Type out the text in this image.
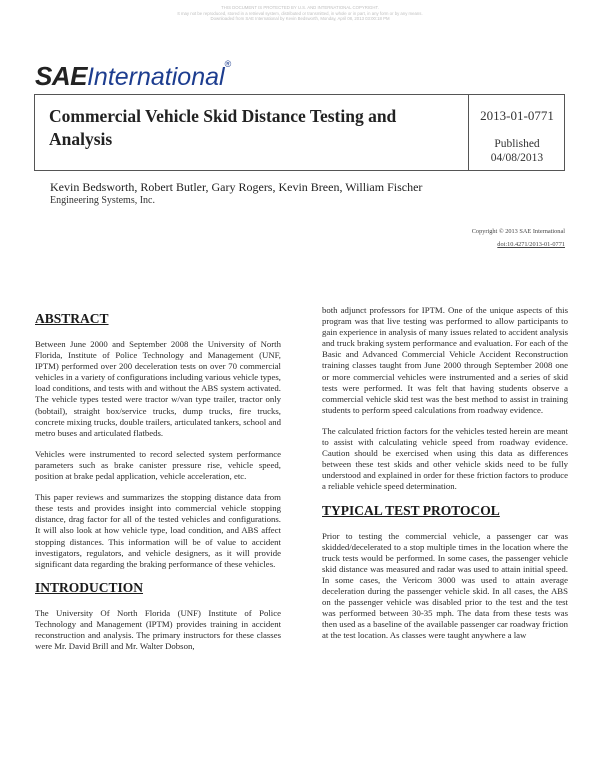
THIS DOCUMENT IS PROTECTED BY U.S. AND INTERNATIONAL COPYRIGHT.
It may not be reproduced, stored in a retrieval system, distributed or transmitted, in whole or in part, in any form or by any means.
Downloaded from SAE International by Kevin Bedsworth, Monday, April 08, 2013 03:00:18 PM
SAEInternational®
Commercial Vehicle Skid Distance Testing and Analysis
2013-01-0771
Published
04/08/2013
Kevin Bedsworth, Robert Butler, Gary Rogers, Kevin Breen, William Fischer
Engineering Systems, Inc.
Copyright © 2013 SAE International
doi:10.4271/2013-01-0771
ABSTRACT

Between June 2000 and September 2008 the University of North Florida, Institute of Police Technology and Management (UNF, IPTM) performed over 200 deceleration tests on over 70 commercial vehicles in a variety of configurations including various vehicle types, load conditions, and tests with and without the ABS system activated. The vehicle types tested were tractor w/van type trailer, tractor only (bobtail), straight box/service trucks, dump trucks, fire trucks, concrete mixing trucks, double trailers, articulated tankers, school and metro buses and articulated flatbeds.

Vehicles were instrumented to record selected system performance parameters such as brake canister pressure rise, vehicle speed, position at brake pedal application, vehicle acceleration, etc.

This paper reviews and summarizes the stopping distance data from these tests and provides insight into commercial vehicle stopping distance, drag factor for all of the tested vehicles and configurations. It will also look at how vehicle type, load condition, and ABS affect stopping distances. This information will be of value to accident investigators, regulators, and vehicle designers, as it will provide significant data regarding the braking performance of these vehicles.

INTRODUCTION

The University Of North Florida (UNF) Institute of Police Technology and Management (IPTM) provides training in accident reconstruction and analysis. The primary instructors for these classes were Mr. David Brill and Mr. Walter Dobson,

both adjunct professors for IPTM. One of the unique aspects of this program was that live testing was performed to allow participants to gain experience in analysis of many issues related to accident analysis and truck braking system performance and evaluation. For each of the Basic and Advanced Commercial Vehicle Accident Reconstruction training classes taught from June 2000 through September 2008 one or more commercial vehicles were instrumented and a series of skid tests were performed. It was felt that having students observe a commercial vehicle skid test was the best method to assist in training students to perform speed calculations from roadway evidence.

The calculated friction factors for the vehicles tested herein are meant to assist with calculating vehicle speed from roadway evidence. Caution should be exercised when using this data as differences between these test skids and other vehicle skids need to be fully understood and explained in order for these friction factors to produce a reliable vehicle speed determination.

TYPICAL TEST PROTOCOL

Prior to testing the commercial vehicle, a passenger car was skidded/decelerated to a stop multiple times in the location where the truck tests would be performed. In some cases, the passenger vehicle skid distance was measured and radar was used to attain initial speed. In some cases, the Vericom 3000 was used to attain average deceleration during the passenger vehicle skid. In all cases, the ABS on the passenger vehicle was disabled prior to the test and the test was performed between 30-35 mph. The data from these tests was then used as a baseline of the available passenger car roadway friction at the test location. As classes were taught anywhere a law
